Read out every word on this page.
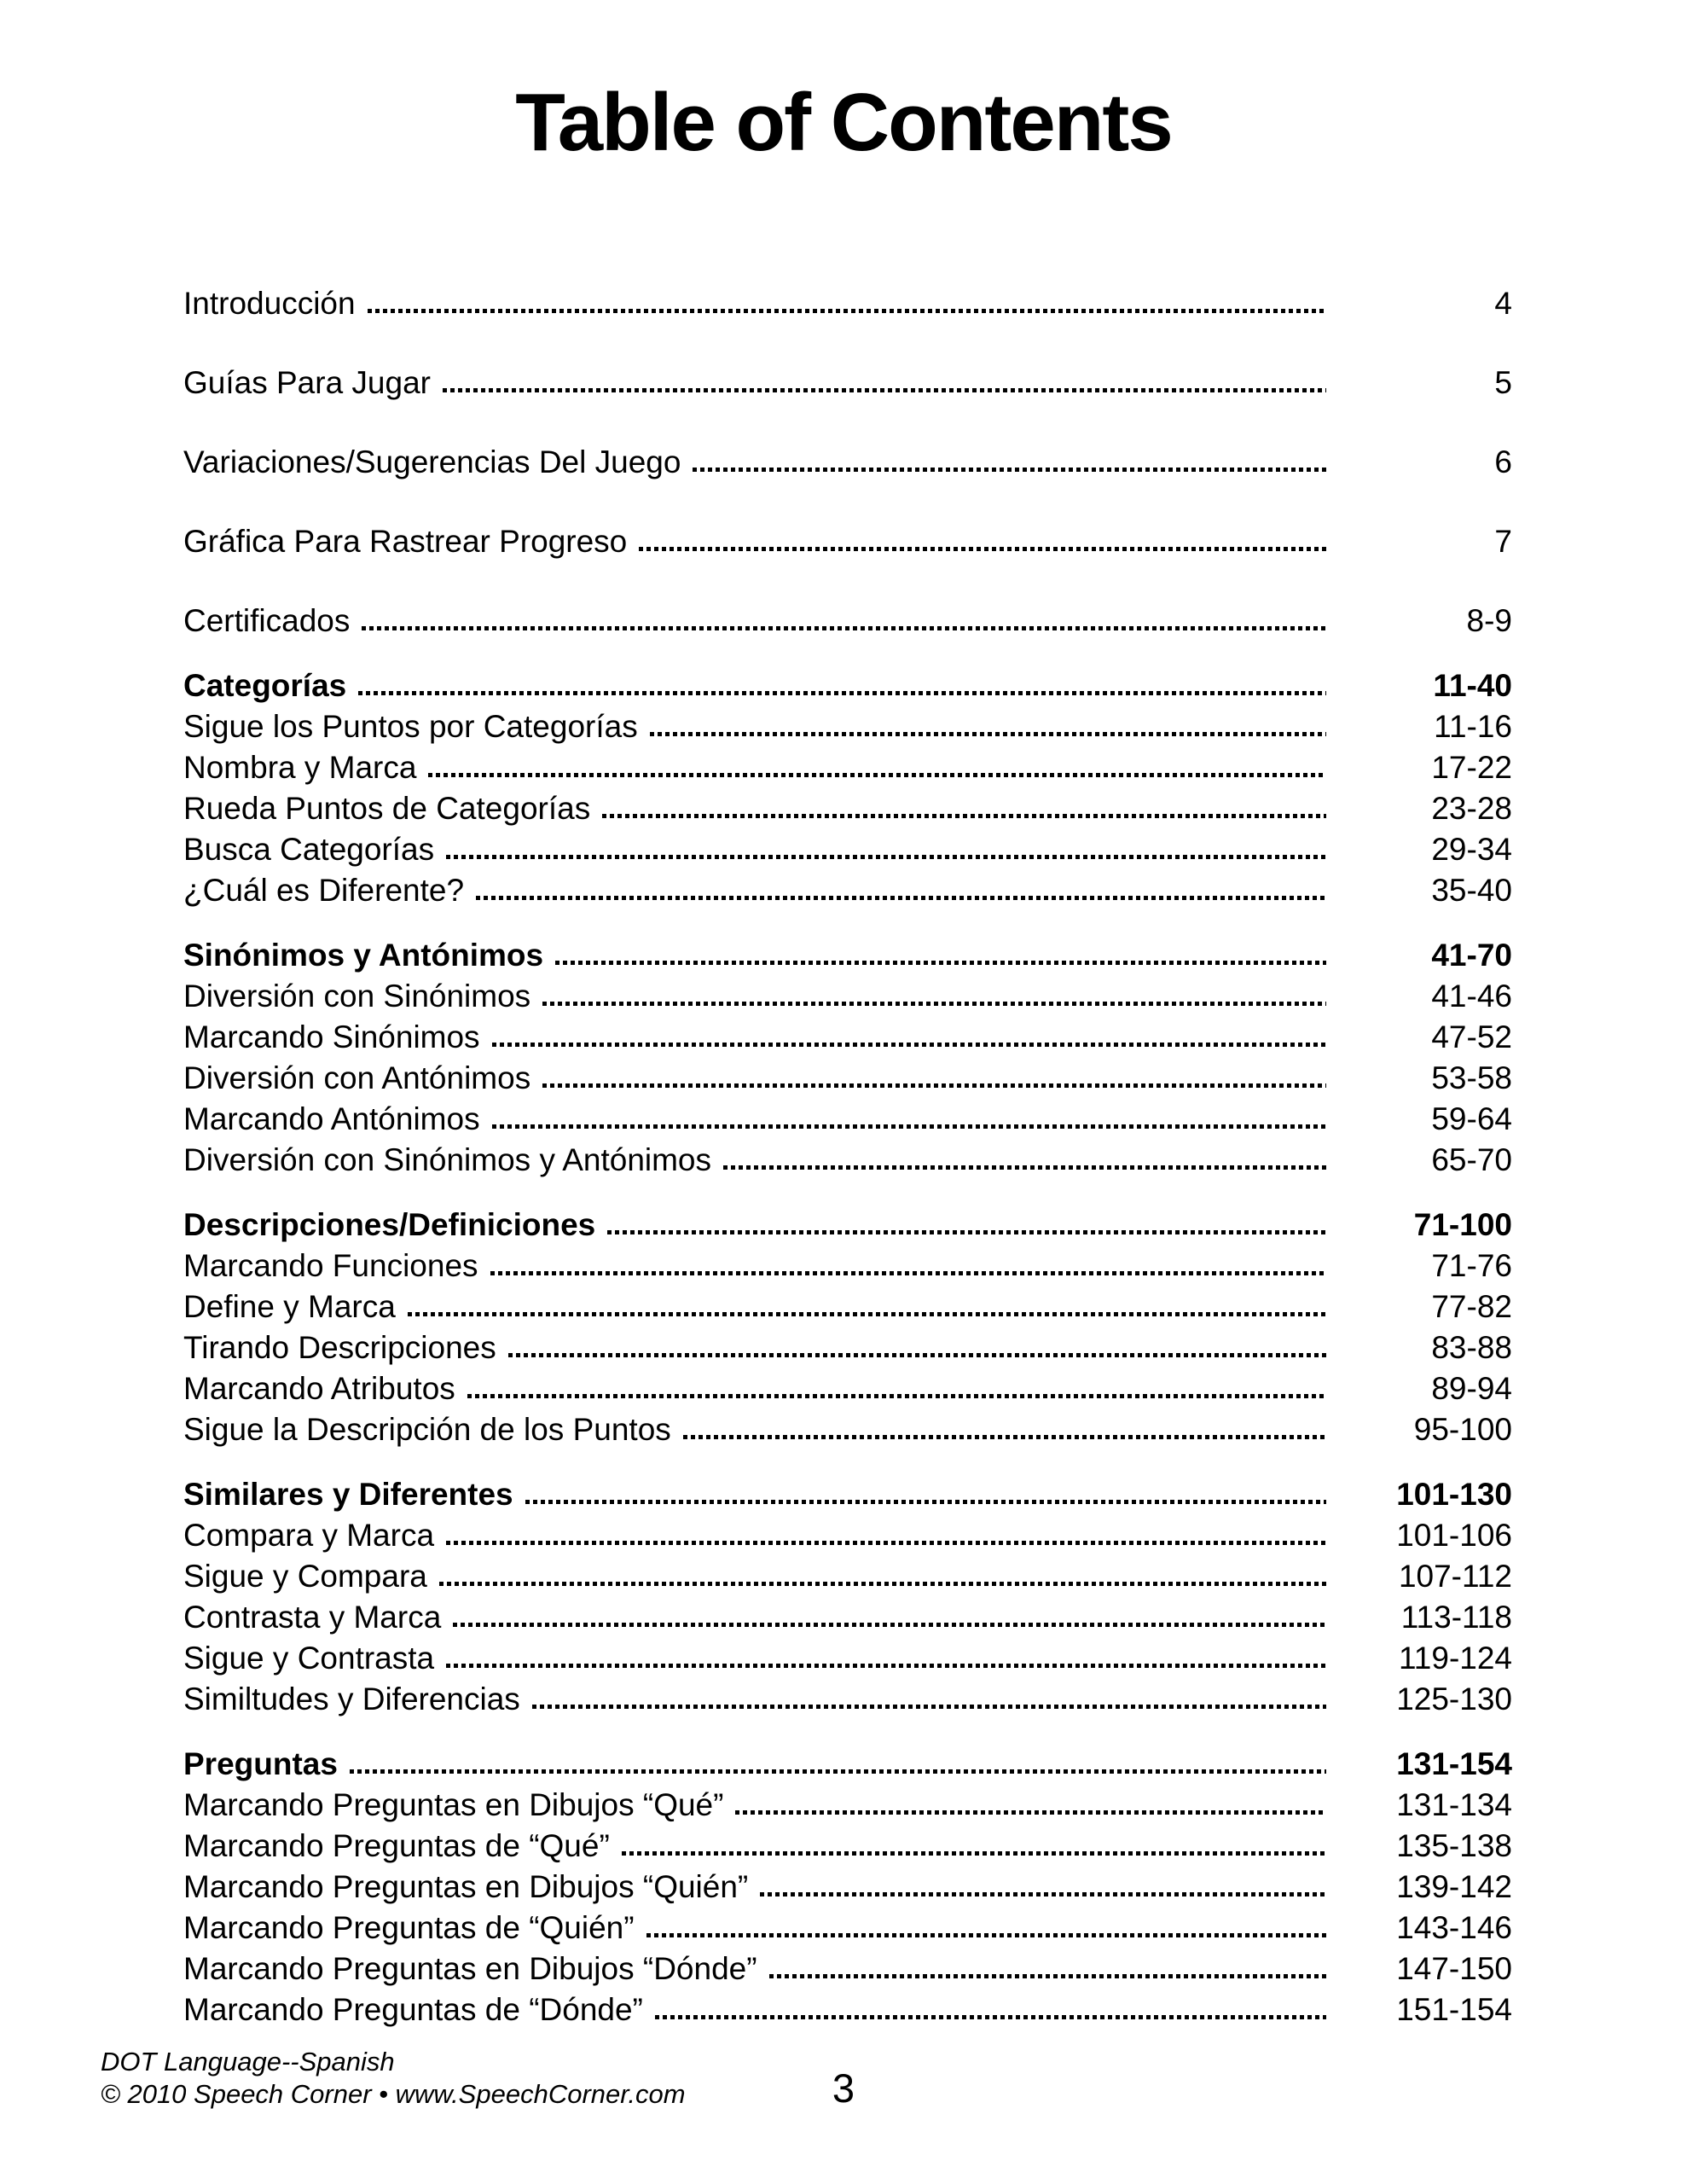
Table of Contents
Introducción	4
Guías Para Jugar	5
Variaciones/Sugerencias Del Juego	6
Gráfica Para Rastrear Progreso	7
Certificados	8-9
Categorías	11-40
Sigue los Puntos por Categorías	11-16
Nombra y Marca	17-22
Rueda Puntos de Categorías	23-28
Busca Categorías	29-34
¿Cuál es Diferente?	35-40
Sinónimos y Antónimos	41-70
Diversión con Sinónimos	41-46
Marcando Sinónimos	47-52
Diversión con Antónimos	53-58
Marcando Antónimos	59-64
Diversión con Sinónimos y Antónimos	65-70
Descripciones/Definiciones	71-100
Marcando Funciones	71-76
Define y Marca	77-82
Tirando Descripciones	83-88
Marcando Atributos	89-94
Sigue la Descripción de los Puntos	95-100
Similares y Diferentes	101-130
Compara y Marca	101-106
Sigue y Compara	107-112
Contrasta y Marca	113-118
Sigue y Contrasta	119-124
Similtudes y Diferencias	125-130
Preguntas	131-154
Marcando Preguntas en Dibujos “Qué”	131-134
Marcando Preguntas de “Qué”	135-138
Marcando Preguntas en Dibujos “Quién”	139-142
Marcando Preguntas de “Quién”	143-146
Marcando Preguntas en Dibujos “Dónde”	147-150
Marcando Preguntas de “Dónde”	151-154
DOT Language--Spanish
© 2010 Speech Corner • www.SpeechCorner.com	3
